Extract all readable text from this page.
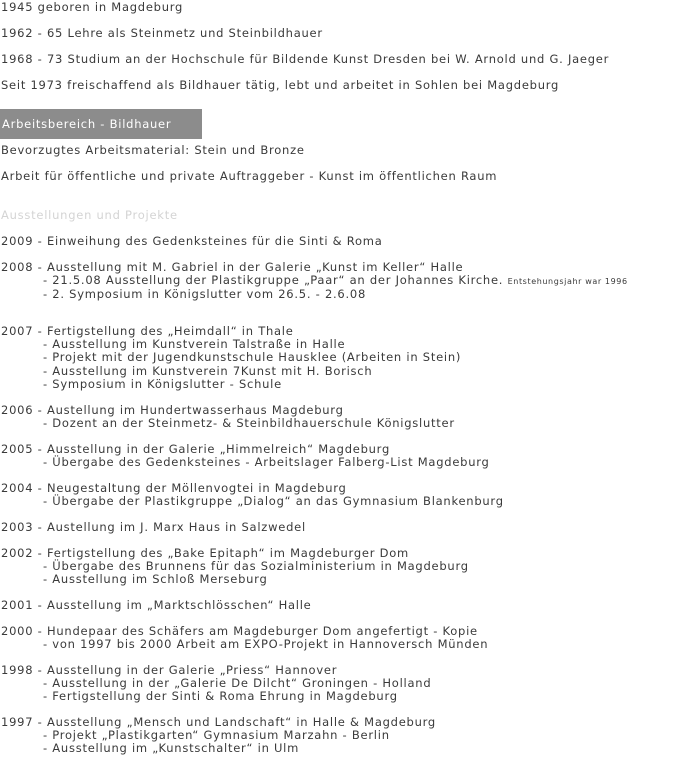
1945 geboren in Magdeburg
1962 - 65 Lehre als Steinmetz und Steinbildhauer
1968 - 73 Studium an der Hochschule für Bildende Kunst Dresden bei W. Arnold und G. Jaeger
Seit 1973 freischaffend als Bildhauer tätig, lebt und arbeitet in Sohlen bei Magdeburg
Arbeitsbereich - Bildhauer
Bevorzugtes Arbeitsmaterial: Stein und Bronze
Arbeit für öffentliche und private Auftraggeber - Kunst im öffentlichen Raum
Ausstellungen und Projekte
2009 - Einweihung des Gedenksteines für die Sinti & Roma
2008 - Ausstellung mit M. Gabriel in der Galerie „Kunst im Keller“ Halle
- 21.5.08 Ausstellung der Plastikgruppe „Paar“ an der Johannes Kirche. Entstehungsjahr war 1996
- 2. Symposium in Königslutter vom 26.5. - 2.6.08
2007 - Fertigstellung des „Heimdall“ in Thale
- Ausstellung im Kunstverein Talstraße in Halle
- Projekt mit der Jugendkunstschule Hausklee (Arbeiten in Stein)
- Ausstellung im Kunstverein 7Kunst mit H. Borisch
- Symposium in Königslutter - Schule
2006 - Austellung im Hundertwasserhaus Magdeburg
- Dozent an der Steinmetz- & Steinbildhauerschule Königslutter
2005 - Ausstellung in der Galerie „Himmelreich“ Magdeburg
- Übergabe des Gedenksteines - Arbeitslager Falberg-List Magdeburg
2004 - Neugestaltung der Möllenvogtei in Magdeburg
- Übergabe der Plastikgruppe „Dialog“ an das Gymnasium Blankenburg
2003 - Austellung im J. Marx Haus in Salzwedel
2002 - Fertigstellung des „Bake Epitaph“ im Magdeburger Dom
- Übergabe des Brunnens für das Sozialministerium in Magdeburg
- Ausstellung im Schloß Merseburg
2001 - Ausstellung im „Marktschlösschen“ Halle
2000 - Hundepaar des Schäfers am Magdeburger Dom angefertigt - Kopie
- von 1997 bis 2000 Arbeit am EXPO-Projekt in Hannoversch Münden
1998 - Ausstellung in der Galerie „Priess“ Hannover
- Ausstellung in der „Galerie De Dilcht“ Groningen - Holland
- Fertigstellung der Sinti & Roma Ehrung in Magdeburg
1997 - Ausstellung „Mensch und Landschaft“ in Halle & Magdeburg
- Projekt „Plastikgarten“ Gymnasium Marzahn - Berlin
- Ausstellung im „Kunstschalter“ in Ulm
